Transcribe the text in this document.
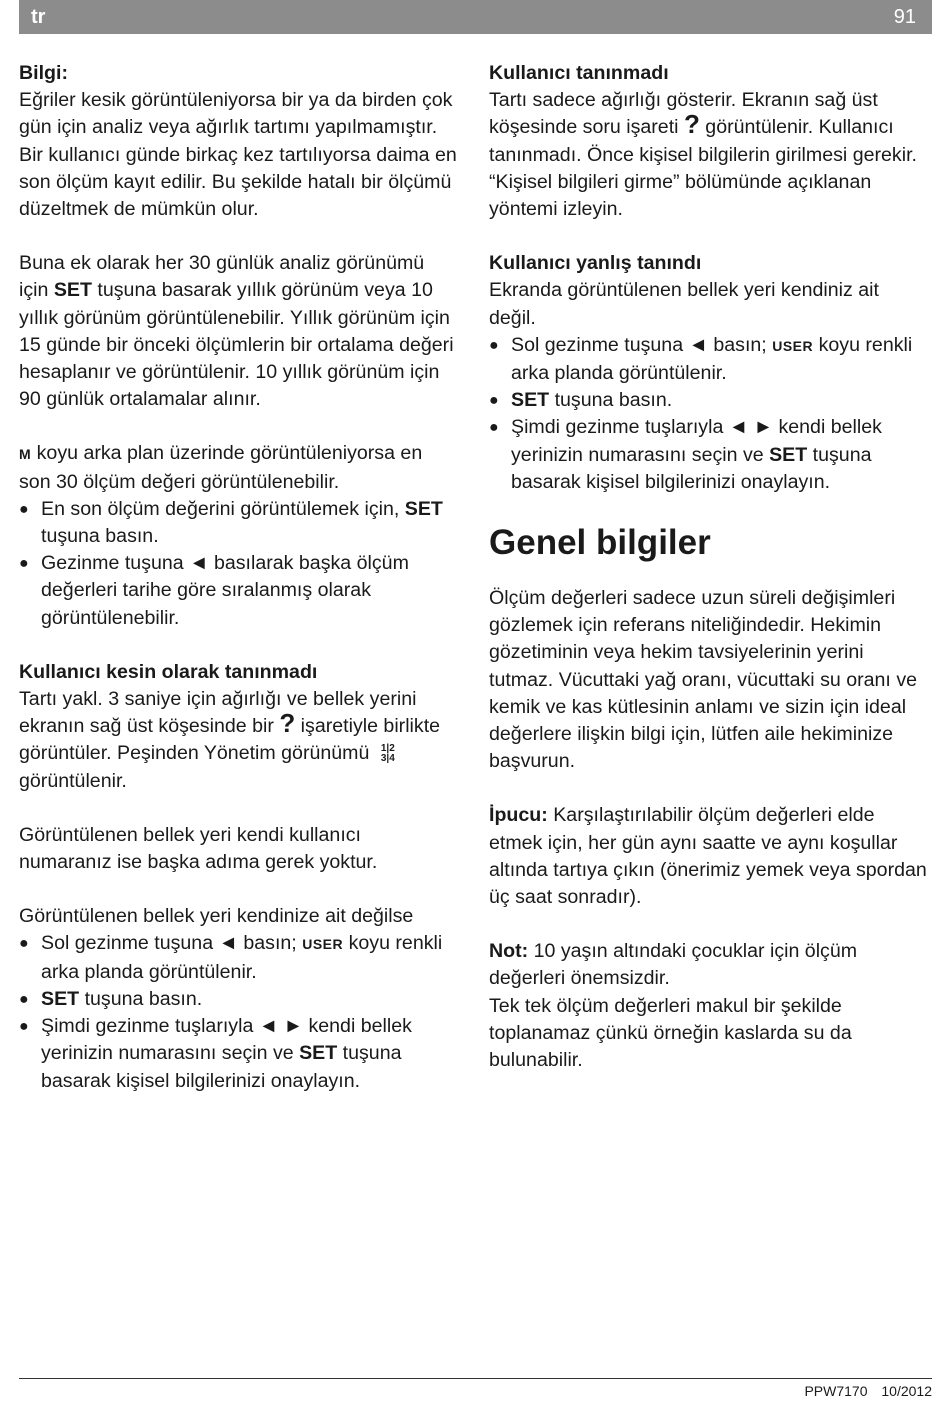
tr	91
Bilgi:

Eğriler kesik görüntüleniyorsa bir ya da birden çok gün için analiz veya ağırlık tartımı yapılmamıştır. Bir kullanıcı günde birkaç kez tartılıyorsa daima en son ölçüm kayıt edilir. Bu şekilde hatalı bir ölçümü düzeltmek de mümkün olur.

Buna ek olarak her 30 günlük analiz görünümü için SET tuşuna basarak yıllık görünüm veya 10 yıllık görünüm görüntülenebilir. Yıllık görünüm için 15 günde bir önceki ölçümlerin bir ortalama değeri hesaplanır ve görüntülenir. 10 yıllık görünüm için 90 günlük ortalamalar alınır.

M koyu arka plan üzerinde görüntüleniyorsa en son 30 ölçüm değeri görüntülenebilir.

● En son ölçüm değerini görüntülemek için, SET tuşuna basın.
● Gezinme tuşuna ◄ basılarak başka ölçüm değerleri tarihe göre sıralanmış olarak görüntülenebilir.
Kullanıcı kesin olarak tanınmadı

Tartı yakl. 3 saniye için ağırlığı ve bellek yerini ekranın sağ üst köşesinde bir ? işaretiyle birlikte görüntüler. Peşinden Yönetim görünümü 1|2
3|4
görüntülenir.

Görüntülenen bellek yeri kendi kullanıcı numaranız ise başka adıma gerek yoktur.

Görüntülenen bellek yeri kendinize ait değilse

● Sol gezinme tuşuna ◄ basın; USER koyu renkli arka planda görüntülenir.
● SET tuşuna basın.
● Şimdi gezinme tuşlarıyla ◄ ► kendi bellek yerinizin numarasını seçin ve SET tuşuna basarak kişisel bilgilerinizi onaylayın.
Kullanıcı tanınmadı

Tartı sadece ağırlığı gösterir. Ekranın sağ üst köşesinde soru işareti ? görüntülenir. Kullanıcı tanınmadı. Önce kişisel bilgilerin girilmesi gerekir. “Kişisel bilgileri girme” bölümünde açıklanan yöntemi izleyin.

Kullanıcı yanlış tanındı

Ekranda görüntülenen bellek yeri kendiniz ait değil.

● Sol gezinme tuşuna ◄ basın; USER koyu renkli arka planda görüntülenir.
● SET tuşuna basın.
● Şimdi gezinme tuşlarıyla ◄ ► kendi bellek yerinizin numarasını seçin ve SET tuşuna basarak kişisel bilgilerinizi onaylayın.
Genel bilgiler

Ölçüm değerleri sadece uzun süreli değişimleri gözlemek için referans niteliğindedir. Hekimin gözetiminin veya hekim tavsiyelerinin yerini tutmaz. Vücuttaki yağ oranı, vücuttaki su oranı ve kemik ve kas kütlesinin anlamı ve sizin için ideal değerlere ilişkin bilgi için, lütfen aile hekiminize başvurun.

İpucu: Karşılaştırılabilir ölçüm değerleri elde etmek için, her gün aynı saatte ve aynı koşullar altında tartıya çıkın (önerimiz yemek veya spordan üç saat sonradır).

Not: 10 yaşın altındaki çocuklar için ölçüm değerleri önemsizdir.

Tek tek ölçüm değerleri makul bir şekilde toplanamaz çünkü örneğin kaslarda su da bulunabilir.

PPW7170 10/2012
